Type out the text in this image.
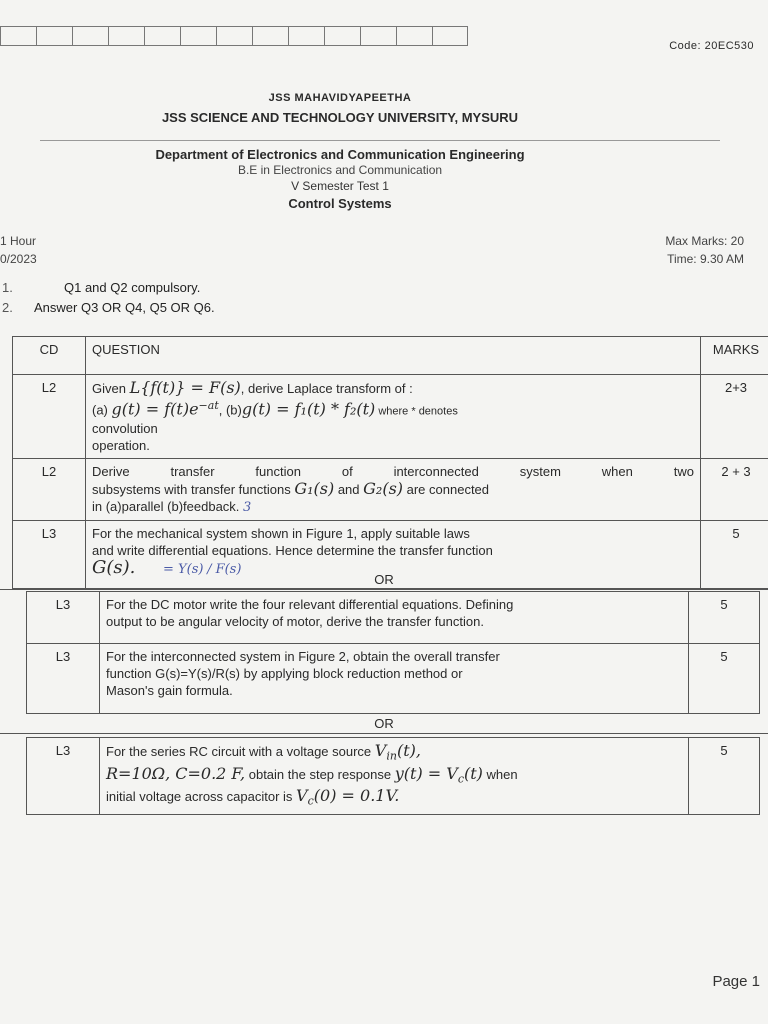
Code: 20EC530
JSS MAHAVIDYAPEETHA
JSS SCIENCE AND TECHNOLOGY UNIVERSITY, MYSURU
Department of Electronics and Communication Engineering
B.E in Electronics and Communication
V Semester Test 1
Control Systems
1 Hour
0/2023
Max Marks: 20
Time: 9.30 AM
1.	Q1 and Q2 compulsory.
2. Answer Q3 OR Q4, Q5 OR Q6.
CD	QUESTION	MARKS
L2	Given L{f(t)} = F(s), derive Laplace transform of :
(a) $g(t) = f(t)e^{-at}$, (b)g(t) = f₁(t) * f₂(t) where * denotes
convolution
operation.	2+3
L2	Derive transfer function of interconnected system when two
subsystems with transfer functions G₁(s) and G₂(s) are connected
in (a)parallel (b)feedback. 3	2 + 3
L3	For the mechanical system shown in Figure 1, apply suitable laws
and write differential equations. Hence determine the transfer function
G(s). = Y(s) / F(s)	5
OR
L3	For the DC motor write the four relevant differential equations. Defining
output to be angular velocity of motor, derive the transfer function.	5
L3	For the interconnected system in Figure 2, obtain the overall transfer
function G(s)=Y(s)/R(s) by applying block reduction method or
Mason's gain formula.	5
OR
L3	For the series RC circuit with a voltage source $V_{in}(t)$,
R=10Ω, C=0.2 F, obtain the step response $y(t) = V_c(t)$ when
initial voltage across capacitor is $V_c(0) = 0.1V$.
	5
Page 1
